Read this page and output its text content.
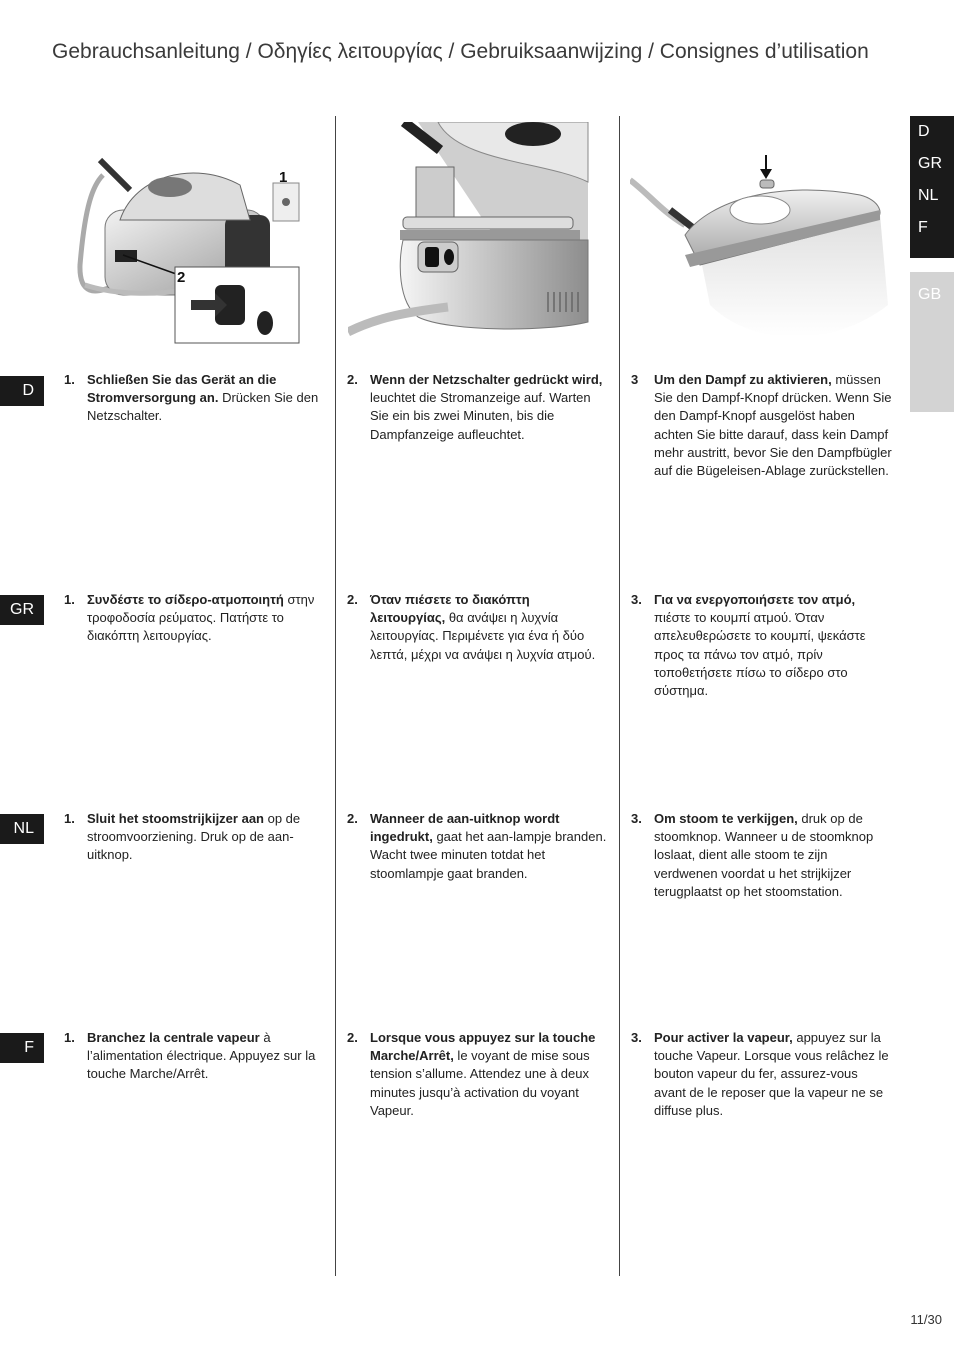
Gebrauchsanleitung / Οδηγίες λειτουργίας / Gebruiksaanwijzing / Consignes d’utilisation
D
GR
NL
F
GB
1
2
D
GR
NL
F
1. Schließen Sie das Gerät an die Stromversorgung an. Drücken Sie den Netzschalter.
2. Wenn der Netzschalter gedrückt wird, leuchtet die Stromanzeige auf. Warten Sie ein bis zwei Minuten, bis die Dampfanzeige aufleuchtet.
3 Um den Dampf zu aktivieren, müssen Sie den Dampf-Knopf drücken. Wenn Sie den Dampf-Knopf ausgelöst haben achten Sie bitte darauf, dass kein Dampf mehr austritt, bevor Sie den Dampfbügler auf die Bügeleisen-Ablage zurückstellen.
1. Συνδέστε το σίδερο-ατμοποιητή στην τροφοδοσία ρεύματος. Πατήστε το διακόπτη λειτουργίας.
2. Όταν πιέσετε το διακόπτη λειτουργίας, θα ανάψει η λυχνία λειτουργίας. Περιμένετε για ένα ή δύο λεπτά, μέχρι να ανάψει η λυχνία ατμού.
3. Για να ενεργοποιήσετε τον ατμό, πιέστε το κουμπί ατμού. Όταν απελευθερώσετε το κουμπί, ψεκάστε προς τα πάνω τον ατμό, πρίν τοποθετήσετε πίσω το σίδερο στο σύστημα.
1. Sluit het stoomstrijkijzer aan op de stroomvoorziening. Druk op de aan-uitknop.
2. Wanneer de aan-uitknop wordt ingedrukt, gaat het aan-lampje branden. Wacht twee minuten totdat het stoomlampje gaat branden.
3. Om stoom te verkijgen, druk op de stoomknop. Wanneer u de stoomknop loslaat, dient alle stoom te zijn verdwenen voordat u het strijkijzer terugplaatst op het stoomstation.
1. Branchez la centrale vapeur à l’alimentation électrique. Appuyez sur la touche Marche/Arrêt.
2. Lorsque vous appuyez sur la touche Marche/Arrêt, le voyant de mise sous tension s’allume. Attendez une à deux minutes jusqu’à activation du voyant Vapeur.
3. Pour activer la vapeur, appuyez sur la touche Vapeur. Lorsque vous relâchez le bouton vapeur du fer, assurez-vous avant de le reposer que la vapeur ne se diffuse plus.
11/30
